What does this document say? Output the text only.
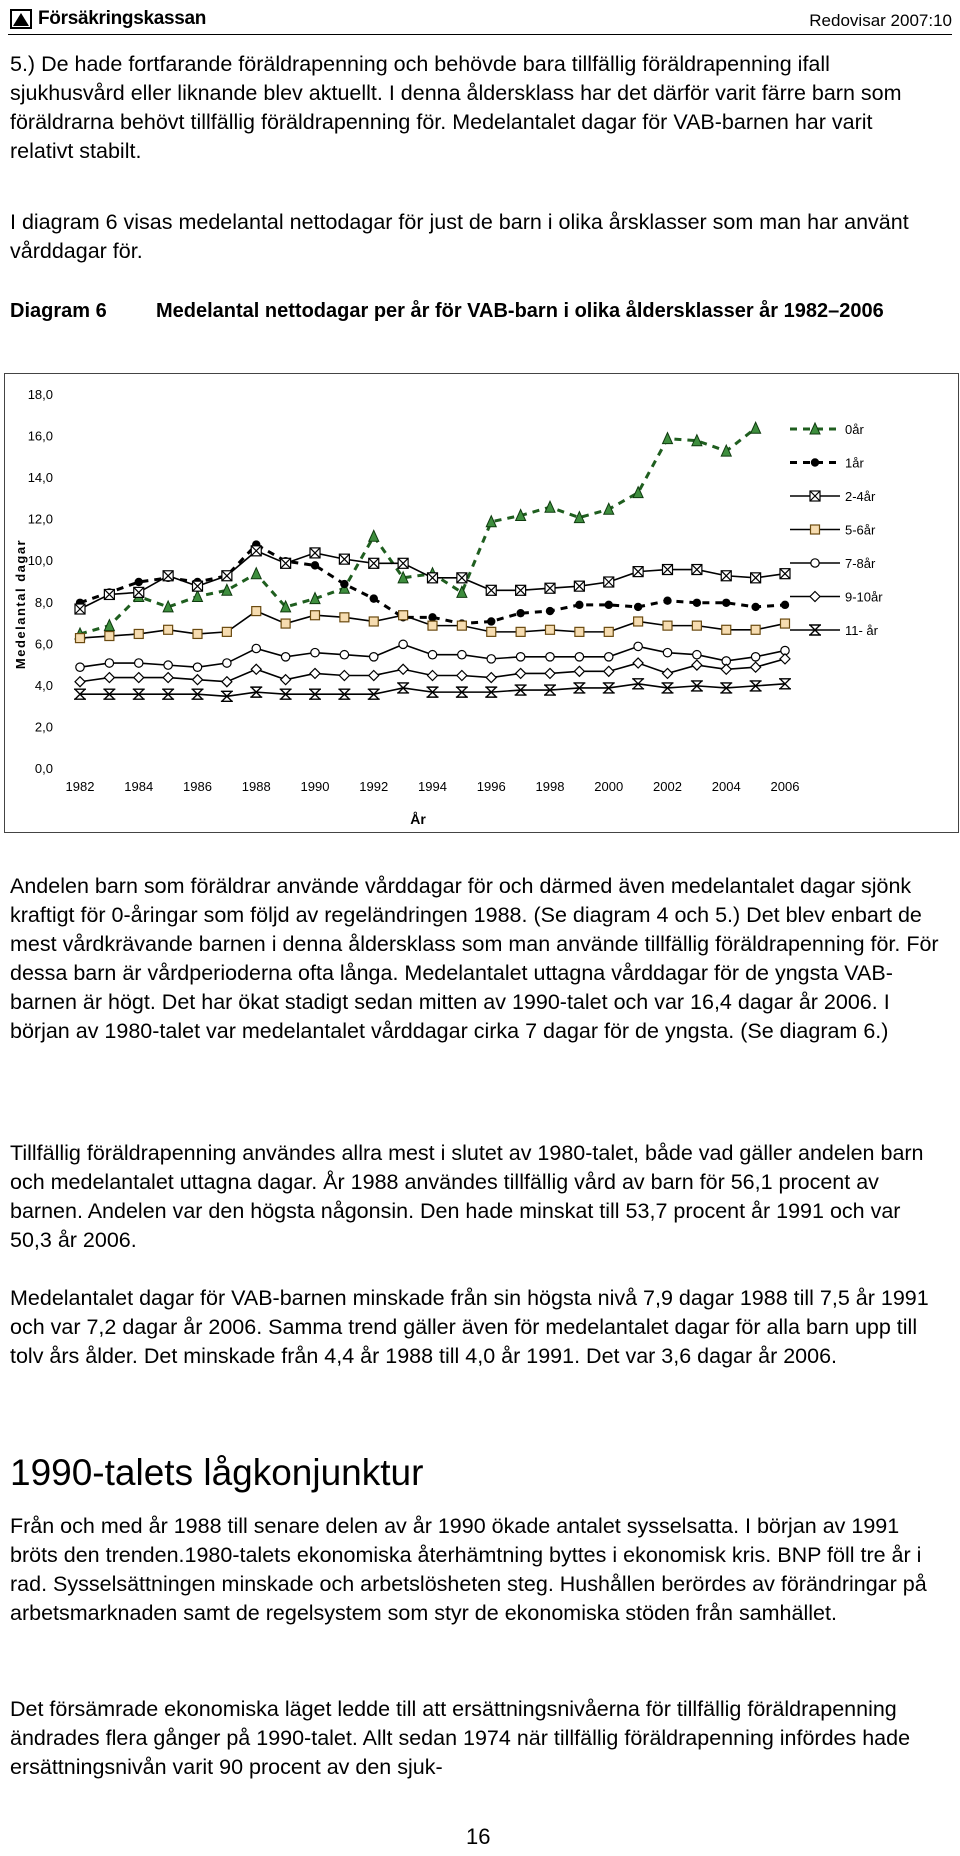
Försäkringskassan	Redovisar 2007:10

5.) De hade fortfarande föräldrapenning och behövde bara tillfällig föräldrapenning ifall sjukhusvård eller liknande blev aktuellt. I denna åldersklass har det därför varit färre barn som föräldrarna behövt tillfällig föräldrapenning för. Medelantalet dagar för VAB-barnen har varit relativt stabilt.

I diagram 6 visas medelantal nettodagar för just de barn i olika årsklasser som man har använt vårddagar för.

Diagram 6 Medelantal nettodagar per år för VAB-barn i olika åldersklasser år 1982–2006
Medelantal dagar
År
0,0
2,0
4,0
6,0
8,0
10,0
12,0
14,0
16,0
18,0
1982 1984 1986 1988 1990 1992 1994 1996 1998 2000 2002 2004 2006
0år
1år
2-4år
5-6år
7-8år
9-10år
11- år

Andelen barn som föräldrar använde vårddagar för och därmed även medelantalet dagar sjönk kraftigt för 0-åringar som följd av regeländringen 1988. (Se diagram 4 och 5.) Det blev enbart de mest vårdkrävande barnen i denna åldersklass som man använde tillfällig föräldrapenning för. För dessa barn är vårdperioderna ofta långa. Medelantalet uttagna vårddagar för de yngsta VAB-barnen är högt. Det har ökat stadigt sedan mitten av 1990-talet och var 16,4 dagar år 2006. I början av 1980-talet var medelantalet vårddagar cirka 7 dagar för de yngsta. (Se diagram 6.)

Tillfällig föräldrapenning användes allra mest i slutet av 1980-talet, både vad gäller andelen barn och medelantalet uttagna dagar. År 1988 användes tillfällig vård av barn för 56,1 procent av barnen. Andelen var den högsta någonsin. Den hade minskat till 53,7 procent år 1991 och var 50,3 år 2006.

Medelantalet dagar för VAB-barnen minskade från sin högsta nivå 7,9 dagar 1988 till 7,5 år 1991 och var 7,2 dagar år 2006. Samma trend gäller även för medelantalet dagar för alla barn upp till tolv års ålder. Det minskade från 4,4 år 1988 till 4,0 år 1991. Det var 3,6 dagar år 2006.

1990-talets lågkonjunktur

Från och med år 1988 till senare delen av år 1990 ökade antalet sysselsatta. I början av 1991 bröts den trenden.1980-talets ekonomiska återhämtning byttes i ekonomisk kris. BNP föll tre år i rad. Sysselsättningen minskade och arbetslösheten steg. Hushållen berördes av förändringar på arbetsmarknaden samt de regelsystem som styr de ekonomiska stöden från samhället.

Det försämrade ekonomiska läget ledde till att ersättningsnivåerna för tillfällig föräldrapenning ändrades flera gånger på 1990-talet. Allt sedan 1974 när tillfällig föräldrapenning infördes hade ersättningsnivån varit 90 procent av den sjuk-

16
